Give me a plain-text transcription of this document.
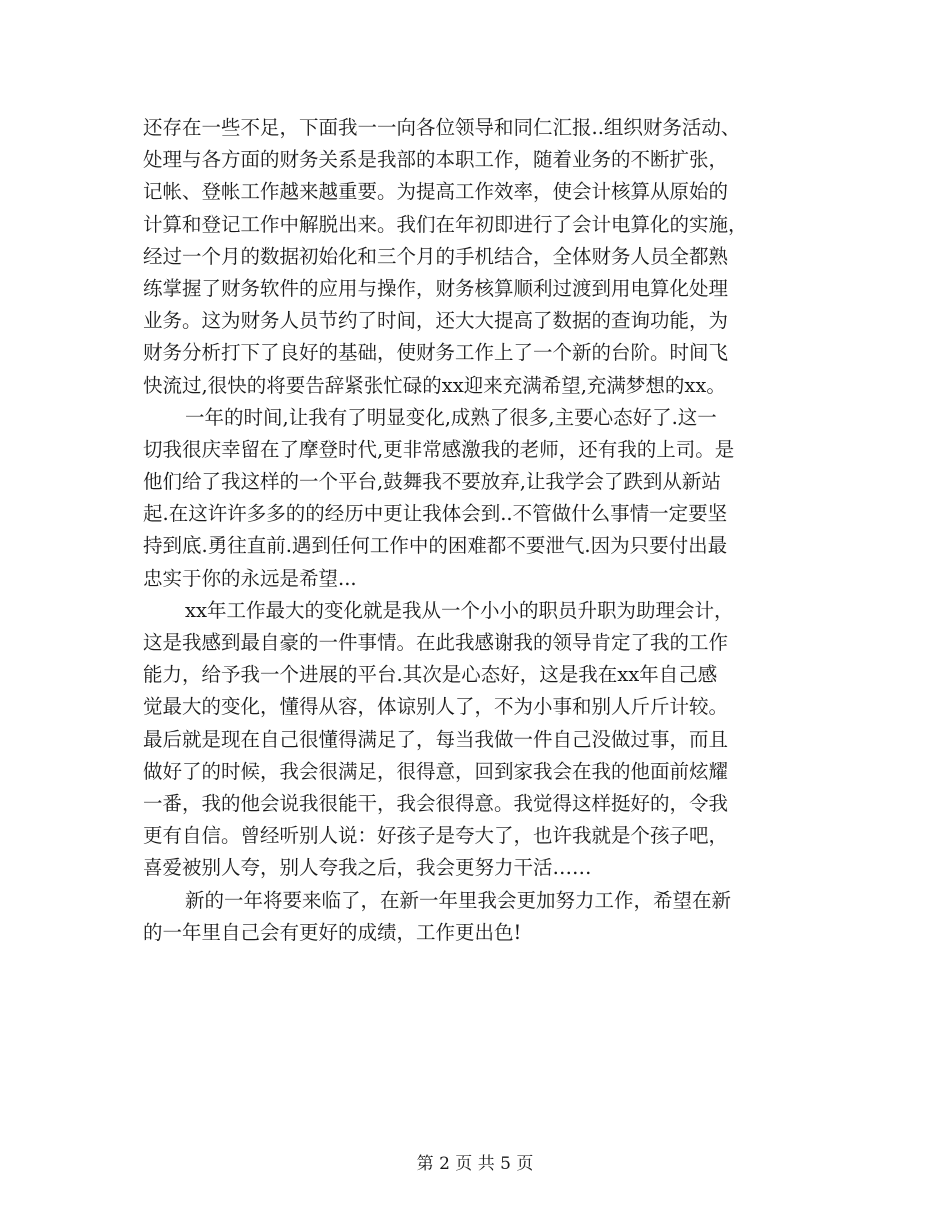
还存在一些不足，下面我一一向各位领导和同仁汇报..组织财务活动、
处理与各方面的财务关系是我部的本职工作，随着业务的不断扩张，
记帐、登帐工作越来越重要。为提高工作效率，使会计核算从原始的
计算和登记工作中解脱出来。我们在年初即进行了会计电算化的实施，
经过一个月的数据初始化和三个月的手机结合，全体财务人员全都熟
练掌握了财务软件的应用与操作，财务核算顺利过渡到用电算化处理
业务。这为财务人员节约了时间，还大大提高了数据的查询功能，为
财务分析打下了良好的基础，使财务工作上了一个新的台阶。时间飞
快流过,很快的将要告辞紧张忙碌的xx迎来充满希望,充满梦想的xx。
一年的时间,让我有了明显变化,成熟了很多,主要心态好了.这一
切我很庆幸留在了摩登时代,更非常感激我的老师，还有我的上司。是
他们给了我这样的一个平台,鼓舞我不要放弃,让我学会了跌到从新站
起.在这许许多多的的经历中更让我体会到..不管做什么事情一定要坚
持到底.勇往直前.遇到任何工作中的困难都不要泄气.因为只要付出最
忠实于你的永远是希望...
xx年工作最大的变化就是我从一个小小的职员升职为助理会计，
这是我感到最自豪的一件事情。在此我感谢我的领导肯定了我的工作
能力，给予我一个进展的平台.其次是心态好，这是我在xx年自己感
觉最大的变化，懂得从容，体谅别人了，不为小事和别人斤斤计较。
最后就是现在自己很懂得满足了，每当我做一件自己没做过事，而且
做好了的时候，我会很满足，很得意，回到家我会在我的他面前炫耀
一番，我的他会说我很能干，我会很得意。我觉得这样挺好的，令我
更有自信。曾经听别人说：好孩子是夸大了，也许我就是个孩子吧，
喜爱被别人夸，别人夸我之后，我会更努力干活……
新的一年将要来临了，在新一年里我会更加努力工作，希望在新
的一年里自己会有更好的成绩，工作更出色!
第 2 页 共 5 页
